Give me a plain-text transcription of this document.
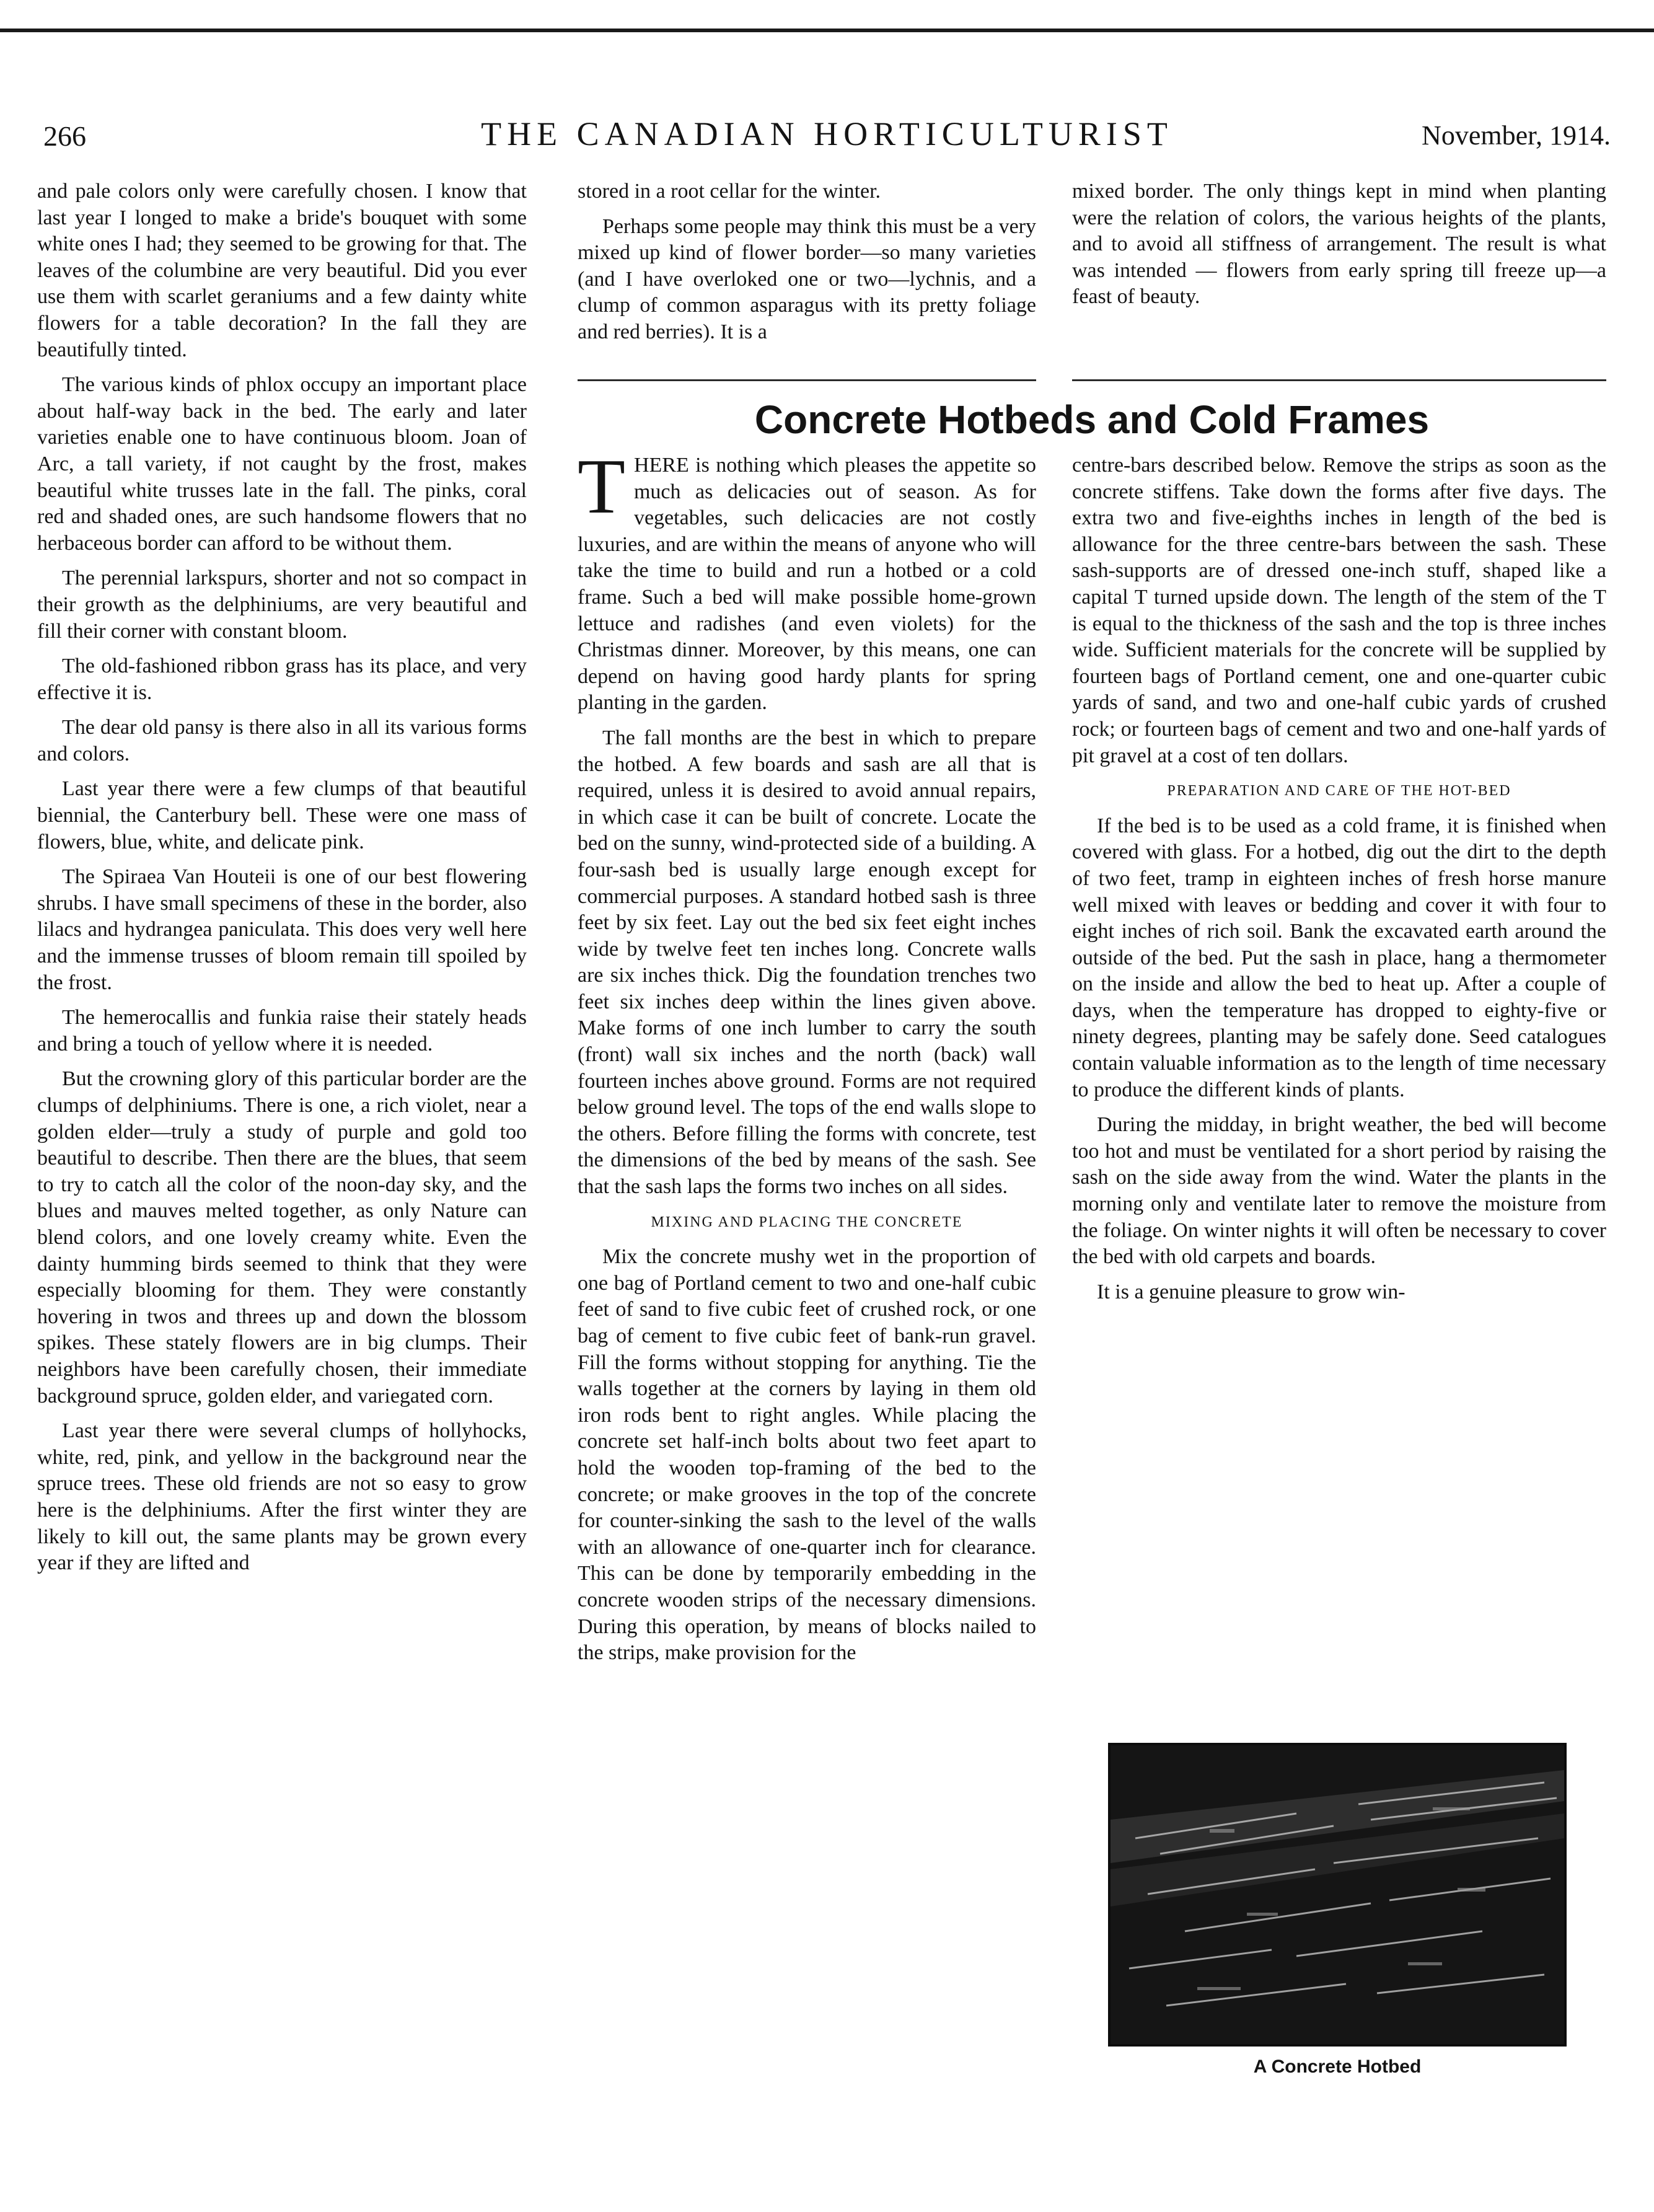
266	THE CANADIAN HORTICULTURIST	November, 1914.

and pale colors only were carefully chosen. I know that last year I longed to make a bride's bouquet with some white ones I had; they seemed to be growing for that. The leaves of the columbine are very beautiful. Did you ever use them with scarlet geraniums and a few dainty white flowers for a table decoration? In the fall they are beautifully tinted.

The various kinds of phlox occupy an important place about half-way back in the bed. The early and later varieties enable one to have continuous bloom. Joan of Arc, a tall variety, if not caught by the frost, makes beautiful white trusses late in the fall. The pinks, coral red and shaded ones, are such handsome flowers that no herbaceous border can afford to be without them.

The perennial larkspurs, shorter and not so compact in their growth as the delphiniums, are very beautiful and fill their corner with constant bloom.

The old-fashioned ribbon grass has its place, and very effective it is.

The dear old pansy is there also in all its various forms and colors.

Last year there were a few clumps of that beautiful biennial, the Canterbury bell. These were one mass of flowers, blue, white, and delicate pink.

The Spiraea Van Houteii is one of our best flowering shrubs. I have small specimens of these in the border, also lilacs and hydrangea paniculata. This does very well here and the immense trusses of bloom remain till spoiled by the frost.

The hemerocallis and funkia raise their stately heads and bring a touch of yellow where it is needed.

But the crowning glory of this particular border are the clumps of delphiniums. There is one, a rich violet, near a golden elder—truly a study of purple and gold too beautiful to describe. Then there are the blues, that seem to try to catch all the color of the noon-day sky, and the blues and mauves melted together, as only Nature can blend colors, and one lovely creamy white. Even the dainty humming birds seemed to think that they were especially blooming for them. They were constantly hovering in twos and threes up and down the blossom spikes. These stately flowers are in big clumps. Their neighbors have been carefully chosen, their immediate background spruce, golden elder, and variegated corn.

Last year there were several clumps of hollyhocks, white, red, pink, and yellow in the background near the spruce trees. These old friends are not so easy to grow here is the delphiniums. After the first winter they are likely to kill out, the same plants may be grown every year if they are lifted and

stored in a root cellar for the winter.

Perhaps some people may think this must be a very mixed up kind of flower border—so many varieties (and I have overloked one or two—lychnis, and a clump of common asparagus with its pretty foliage and red berries). It is a

mixed border. The only things kept in mind when planting were the relation of colors, the various heights of the plants, and to avoid all stiffness of arrangement. The result is what was intended — flowers from early spring till freeze up—a feast of beauty.

Concrete Hotbeds and Cold Frames

T HERE is nothing which pleases the appetite so much as delicacies out of season. As for vegetables, such delicacies are not costly luxuries, and are within the means of anyone who will take the time to build and run a hotbed or a cold frame. Such a bed will make possible home-grown lettuce and radishes (and even violets) for the Christmas dinner. Moreover, by this means, one can depend on having good hardy plants for spring planting in the garden.

The fall months are the best in which to prepare the hotbed. A few boards and sash are all that is required, unless it is desired to avoid annual repairs, in which case it can be built of concrete. Locate the bed on the sunny, wind-protected side of a building. A four-sash bed is usually large enough except for commercial purposes. A standard hotbed sash is three feet by six feet. Lay out the bed six feet eight inches wide by twelve feet ten inches long. Concrete walls are six inches thick. Dig the foundation trenches two feet six inches deep within the lines given above. Make forms of one inch lumber to carry the south (front) wall six inches and the north (back) wall fourteen inches above ground. Forms are not required below ground level. The tops of the end walls slope to the others. Before filling the forms with concrete, test the dimensions of the bed by means of the sash. See that the sash laps the forms two inches on all sides.

MIXING AND PLACING THE CONCRETE

Mix the concrete mushy wet in the proportion of one bag of Portland cement to two and one-half cubic feet of sand to five cubic feet of crushed rock, or one bag of cement to five cubic feet of bank-run gravel. Fill the forms without stopping for anything. Tie the walls together at the corners by laying in them old iron rods bent to right angles. While placing the concrete set half-inch bolts about two feet apart to hold the wooden top-framing of the bed to the concrete; or make grooves in the top of the concrete for counter-sinking the sash to the level of the walls with an allowance of one-quarter inch for clearance. This can be done by temporarily embedding in the concrete wooden strips of the necessary dimensions. During this operation, by means of blocks nailed to the strips, make provision for the

centre-bars described below. Remove the strips as soon as the concrete stiffens. Take down the forms after five days. The extra two and five-eighths inches in length of the bed is allowance for the three centre-bars between the sash. These sash-supports are of dressed one-inch stuff, shaped like a capital T turned upside down. The length of the stem of the T is equal to the thickness of the sash and the top is three inches wide. Sufficient materials for the concrete will be supplied by fourteen bags of Portland cement, one and one-quarter cubic yards of sand, and two and one-half cubic yards of crushed rock; or fourteen bags of cement and two and one-half yards of pit gravel at a cost of ten dollars.

PREPARATION AND CARE OF THE HOT-BED

If the bed is to be used as a cold frame, it is finished when covered with glass. For a hotbed, dig out the dirt to the depth of two feet, tramp in eighteen inches of fresh horse manure well mixed with leaves or bedding and cover it with four to eight inches of rich soil. Bank the excavated earth around the outside of the bed. Put the sash in place, hang a thermometer on the inside and allow the bed to heat up. After a couple of days, when the temperature has dropped to eighty-five or ninety degrees, planting may be safely done. Seed catalogues contain valuable information as to the length of time necessary to produce the different kinds of plants.

During the midday, in bright weather, the bed will become too hot and must be ventilated for a short period by raising the sash on the side away from the wind. Water the plants in the morning only and ventilate later to remove the moisture from the foliage. On winter nights it will often be necessary to cover the bed with old carpets and boards.

It is a genuine pleasure to grow win-

A Concrete Hotbed
